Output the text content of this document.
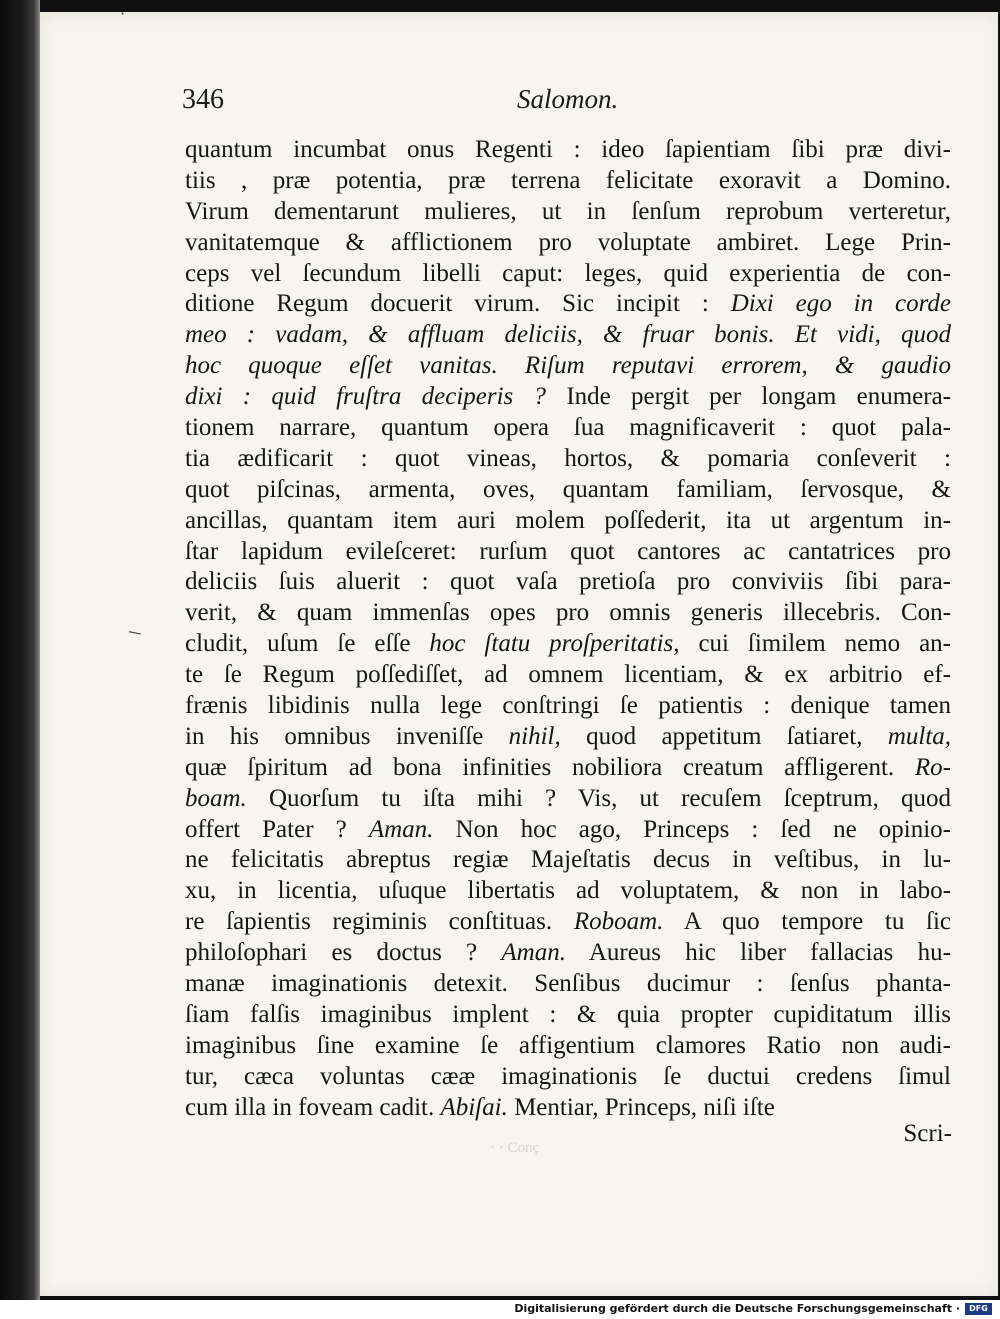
·
\
346	Salomon.
quantum incumbat onus Regenti : ideo ſapientiam ſibi præ divi-
tiis , præ potentia, præ terrena felicitate exoravit a Domino.
Virum dementarunt mulieres, ut in ſenſum reprobum verteretur,
vanitatemque & afflictionem pro voluptate ambiret. Lege Prin-
ceps vel ſecundum libelli caput: leges, quid experientia de con-
ditione Regum docuerit virum. Sic incipit : Dixi ego in corde
meo : vadam, & affluam deliciis, & fruar bonis. Et vidi, quod
hoc quoque eſſet vanitas. Riſum reputavi errorem, & gaudio
dixi : quid fruſtra deciperis ? Inde pergit per longam enumera-
tionem narrare, quantum opera ſua magnificaverit : quot pala-
tia ædificarit : quot vineas, hortos, & pomaria conſeverit :
quot piſcinas, armenta, oves, quantam familiam, ſervosque, &
ancillas, quantam item auri molem poſſederit, ita ut argentum in-
ſtar lapidum evileſceret: rurſum quot cantores ac cantatrices pro
deliciis ſuis aluerit : quot vaſa pretioſa pro conviviis ſibi para-
verit, & quam immenſas opes pro omnis generis illecebris. Con-
cludit, uſum ſe eſſe hoc ſtatu proſperitatis, cui ſimilem nemo an-
te ſe Regum poſſediſſet, ad omnem licentiam, & ex arbitrio ef-
frænis libidinis nulla lege conſtringi ſe patientis : denique tamen
in his omnibus inveniſſe nihil, quod appetitum ſatiaret, multa,
quæ ſpiritum ad bona infinities nobiliora creatum affligerent. Ro-
boam. Quorſum tu iſta mihi ? Vis, ut recuſem ſceptrum, quod
offert Pater ? Aman. Non hoc ago, Princeps : ſed ne opinio-
ne felicitatis abreptus regiæ Majeſtatis decus in veſtibus, in lu-
xu, in licentia, uſuque libertatis ad voluptatem, & non in labo-
re ſapientis regiminis conſtituas. Roboam. A quo tempore tu ſic
philoſophari es doctus ? Aman. Aureus hic liber fallacias hu-
manæ imaginationis detexit. Senſibus ducimur : ſenſus phanta-
ſiam falſis imaginibus implent : & quia propter cupiditatum illis
imaginibus ſine examine ſe affigentium clamores Ratio non audi-
tur, cæca voluntas cææ imaginationis ſe ductui credens ſimul
cum illa in foveam cadit. Abiſai. Mentiar, Princeps, niſi iſte
Scri-
· · Conç
Digitalisierung gefördert durch die Deutsche Forschungsgemeinschaft ·	DFG
